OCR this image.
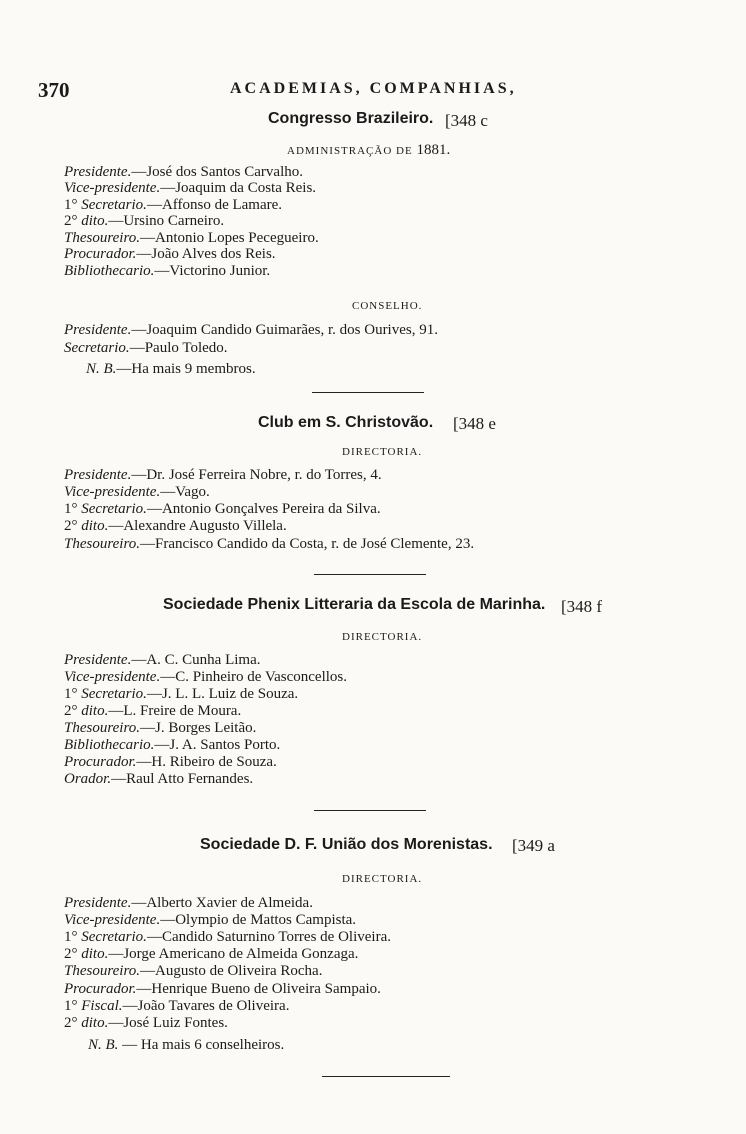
370	ACADEMIAS, COMPANHIAS,
Congresso Brazileiro. [348 c
ADMINISTRAÇÃO DE 1881.
Presidente.—José dos Santos Carvalho.
Vice-presidente.—Joaquim da Costa Reis.
1° Secretario.—Affonso de Lamare.
2° dito.—Ursino Carneiro.
Thesoureiro.—Antonio Lopes Pecegueiro.
Procurador.—João Alves dos Reis.
Bibliothecario.—Victorino Junior.
CONSELHO.
Presidente.—Joaquim Candido Guimarães, r. dos Ourives, 91.
Secretario.—Paulo Toledo.
N. B.—Ha mais 9 membros.
Club em S. Christovão. [348 e
DIRECTORIA.
Presidente.—Dr. José Ferreira Nobre, r. do Torres, 4.
Vice-presidente.—Vago.
1° Secretario.—Antonio Gonçalves Pereira da Silva.
2° dito.—Alexandre Augusto Villela.
Thesoureiro.—Francisco Candido da Costa, r. de José Clemente, 23.
Sociedade Phenix Litteraria da Escola de Marinha. [348 f
DIRECTORIA.
Presidente.—A. C. Cunha Lima.
Vice-presidente.—C. Pinheiro de Vasconcellos.
1° Secretario.—J. L. L. Luiz de Souza.
2° dito.—L. Freire de Moura.
Thesoureiro.—J. Borges Leitão.
Bibliothecario.—J. A. Santos Porto.
Procurador.—H. Ribeiro de Souza.
Orador.—Raul Atto Fernandes.
Sociedade D. F. União dos Morenistas. [349 a
DIRECTORIA.
Presidente.—Alberto Xavier de Almeida.
Vice-presidente.—Olympio de Mattos Campista.
1° Secretario.—Candido Saturnino Torres de Oliveira.
2° dito.—Jorge Americano de Almeida Gonzaga.
Thesoureiro.—Augusto de Oliveira Rocha.
Procurador.—Henrique Bueno de Oliveira Sampaio.
1° Fiscal.—João Tavares de Oliveira.
2° dito.—José Luiz Fontes.
N. B. — Ha mais 6 conselheiros.
